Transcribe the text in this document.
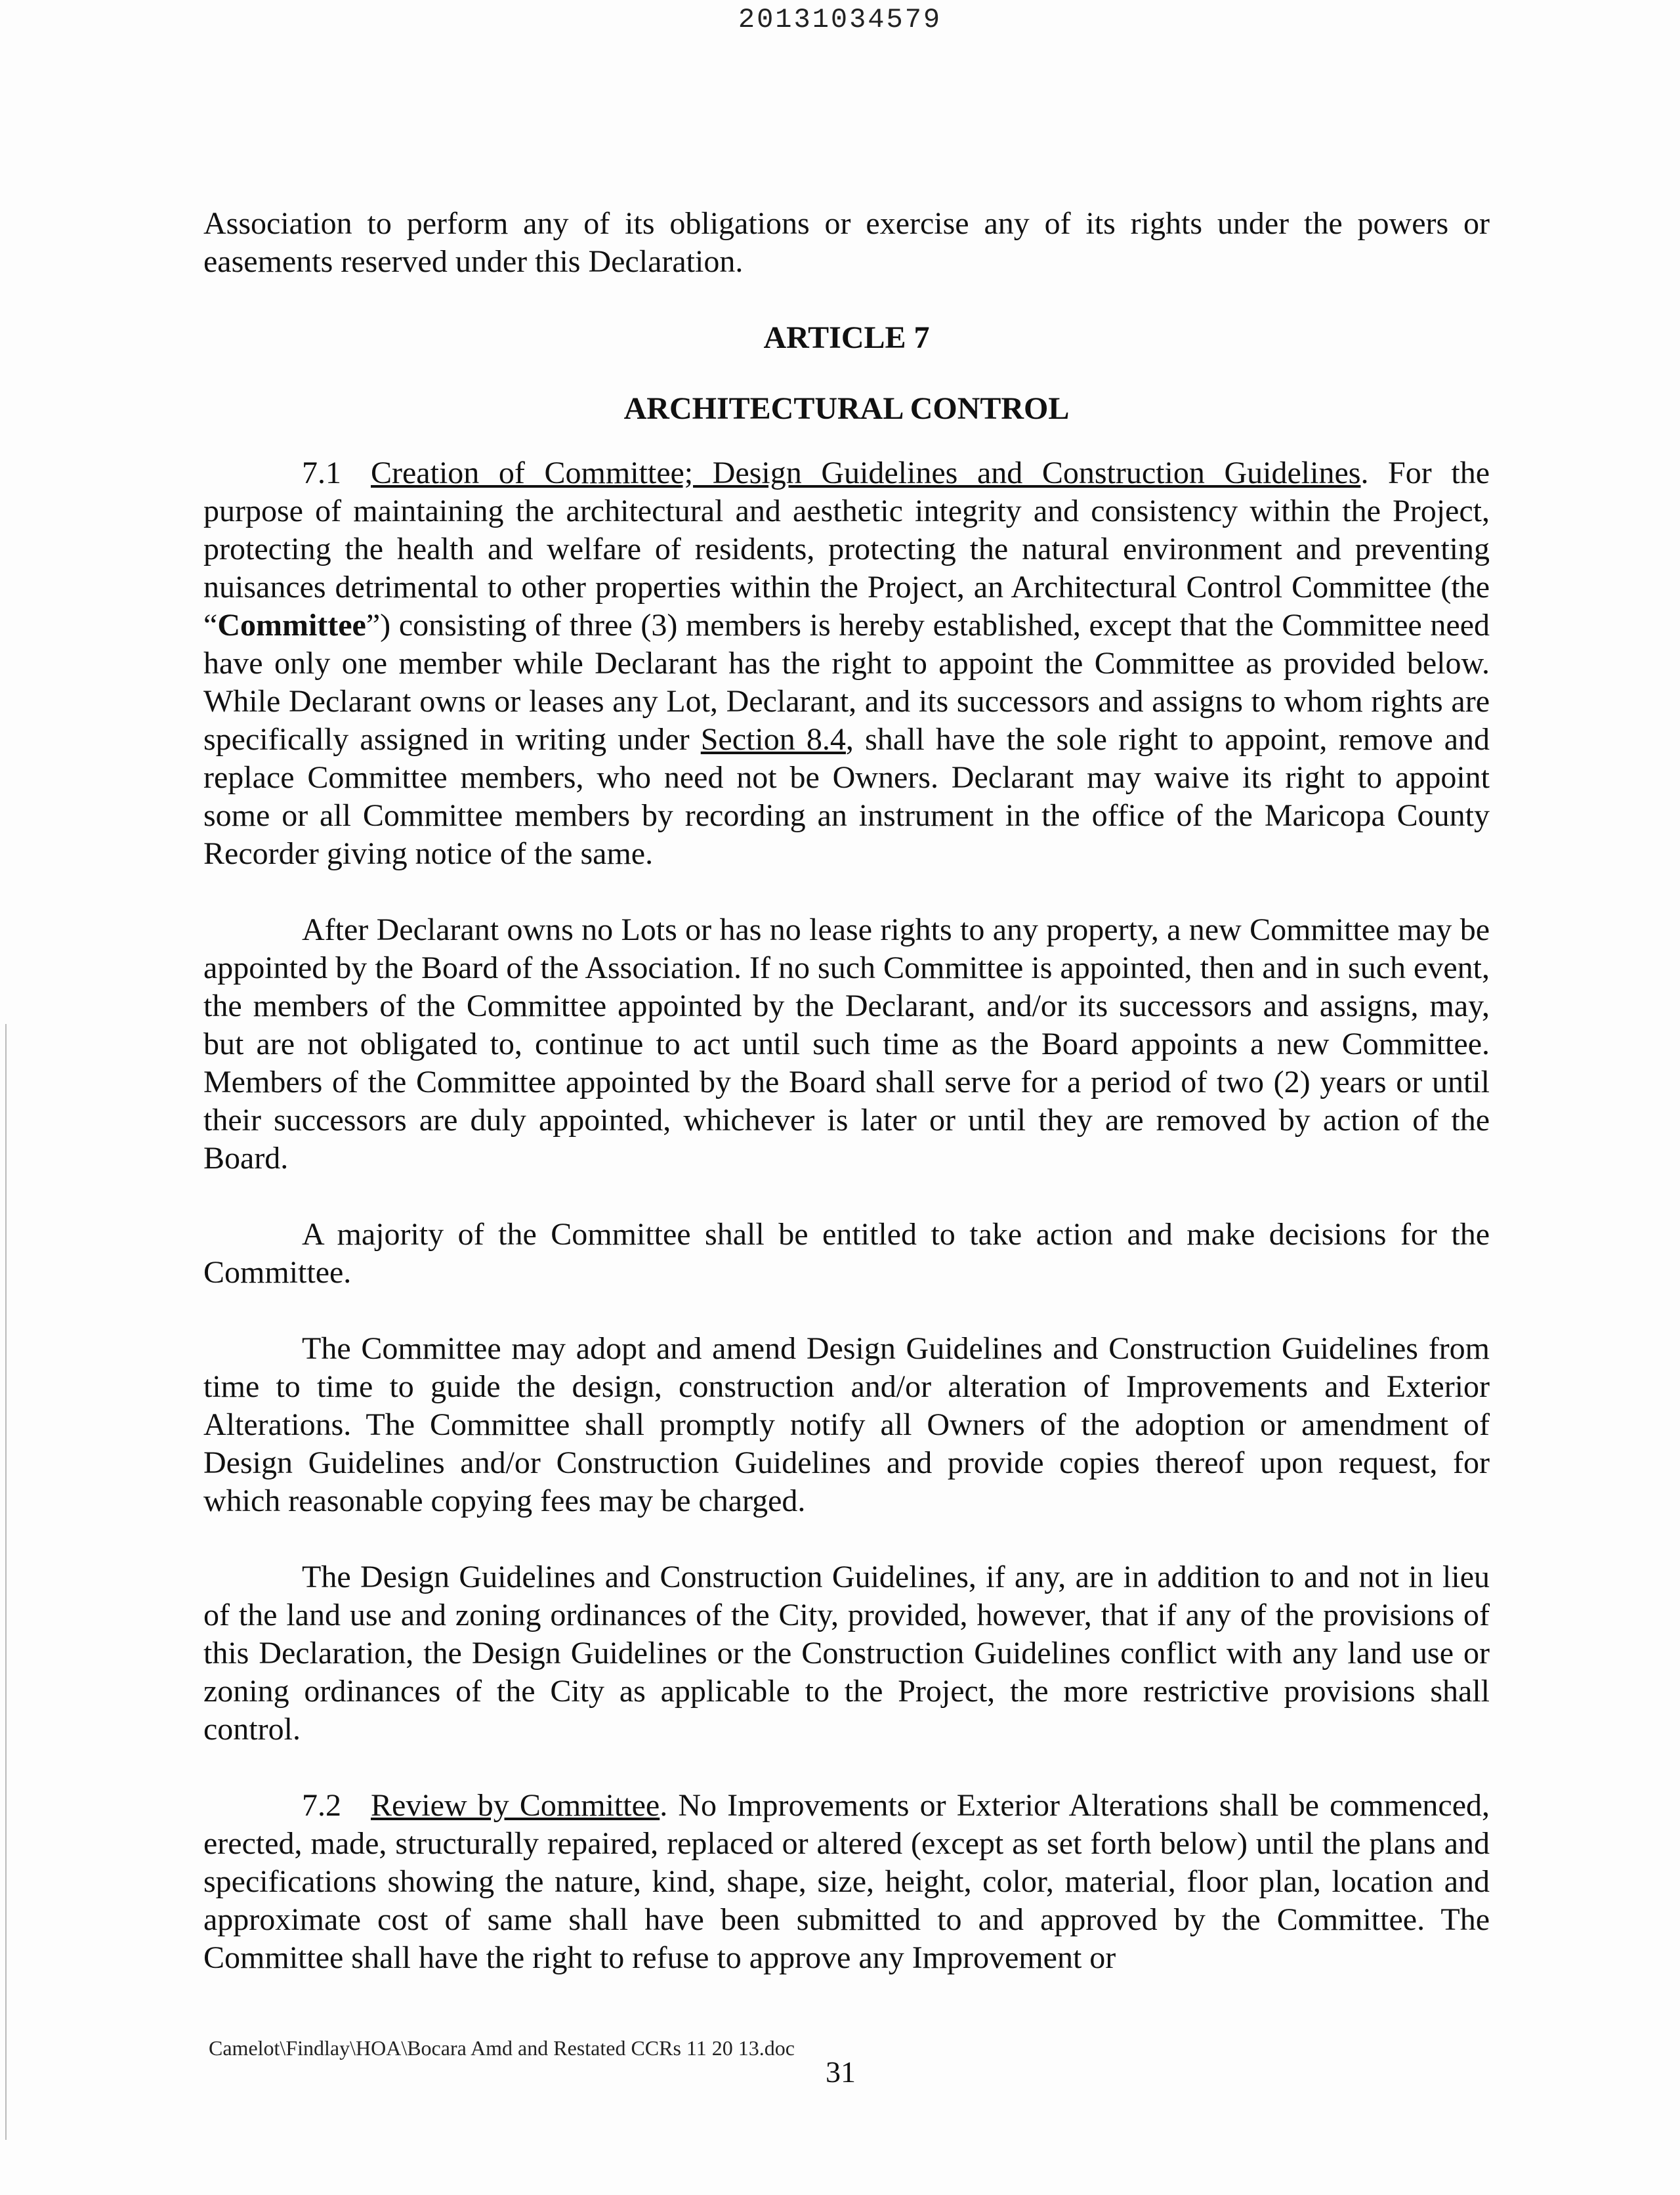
20131034579

Association to perform any of its obligations or exercise any of its rights under the powers or easements reserved under this Declaration.

ARTICLE 7
ARCHITECTURAL CONTROL

7.1 Creation of Committee; Design Guidelines and Construction Guidelines. For the purpose of maintaining the architectural and aesthetic integrity and consistency within the Project, protecting the health and welfare of residents, protecting the natural environment and preventing nuisances detrimental to other properties within the Project, an Architectural Control Committee (the “Committee”) consisting of three (3) members is hereby established, except that the Committee need have only one member while Declarant has the right to appoint the Committee as provided below. While Declarant owns or leases any Lot, Declarant, and its successors and assigns to whom rights are specifically assigned in writing under Section 8.4, shall have the sole right to appoint, remove and replace Committee members, who need not be Owners. Declarant may waive its right to appoint some or all Committee members by recording an instrument in the office of the Maricopa County Recorder giving notice of the same.

After Declarant owns no Lots or has no lease rights to any property, a new Committee may be appointed by the Board of the Association. If no such Committee is appointed, then and in such event, the members of the Committee appointed by the Declarant, and/or its successors and assigns, may, but are not obligated to, continue to act until such time as the Board appoints a new Committee. Members of the Committee appointed by the Board shall serve for a period of two (2) years or until their successors are duly appointed, whichever is later or until they are removed by action of the Board.

A majority of the Committee shall be entitled to take action and make decisions for the Committee.

The Committee may adopt and amend Design Guidelines and Construction Guidelines from time to time to guide the design, construction and/or alteration of Improvements and Exterior Alterations. The Committee shall promptly notify all Owners of the adoption or amendment of Design Guidelines and/or Construction Guidelines and provide copies thereof upon request, for which reasonable copying fees may be charged.

The Design Guidelines and Construction Guidelines, if any, are in addition to and not in lieu of the land use and zoning ordinances of the City, provided, however, that if any of the provisions of this Declaration, the Design Guidelines or the Construction Guidelines conflict with any land use or zoning ordinances of the City as applicable to the Project, the more restrictive provisions shall control.

7.2 Review by Committee. No Improvements or Exterior Alterations shall be commenced, erected, made, structurally repaired, replaced or altered (except as set forth below) until the plans and specifications showing the nature, kind, shape, size, height, color, material, floor plan, location and approximate cost of same shall have been submitted to and approved by the Committee. The Committee shall have the right to refuse to approve any Improvement or

Camelot\Findlay\HOA\Bocara Amd and Restated CCRs 11 20 13.doc
31
